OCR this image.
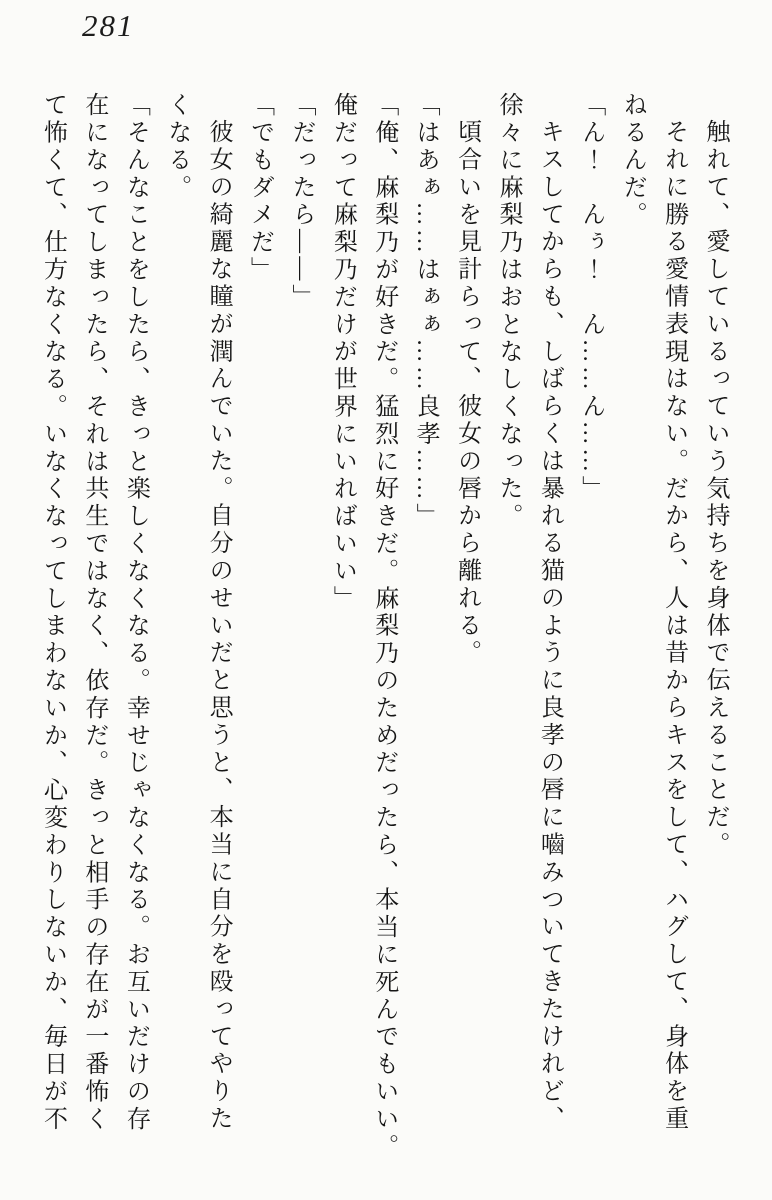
281

触れて、愛しているっていう気持ちを身体で伝えることだ。

それに勝る愛情表現はない。だから、人は昔からキスをして、ハグして、身体を重

ねるんだ。

「ん！　んぅ！　ん……ん……」

キスしてからも、しばらくは暴れる猫のように良孝の唇に嚙みついてきたけれど、

徐々に麻梨乃はおとなしくなった。

頃合いを見計らって、彼女の唇から離れる。

「はあぁ……はぁぁ……良孝……」

「俺、麻梨乃が好きだ。猛烈に好きだ。麻梨乃のためだったら、本当に死んでもいい。

俺だって麻梨乃だけが世界にいればいい」

「だったら――」

「でもダメだ」

彼女の綺麗な瞳が潤んでいた。自分のせいだと思うと、本当に自分を殴ってやりた

くなる。

「そんなことをしたら、きっと楽しくなくなる。幸せじゃなくなる。お互いだけの存

在になってしまったら、それは共生ではなく、依存だ。きっと相手の存在が一番怖く

て怖くて、仕方なくなる。いなくなってしまわないか、心変わりしないか、毎日が不
